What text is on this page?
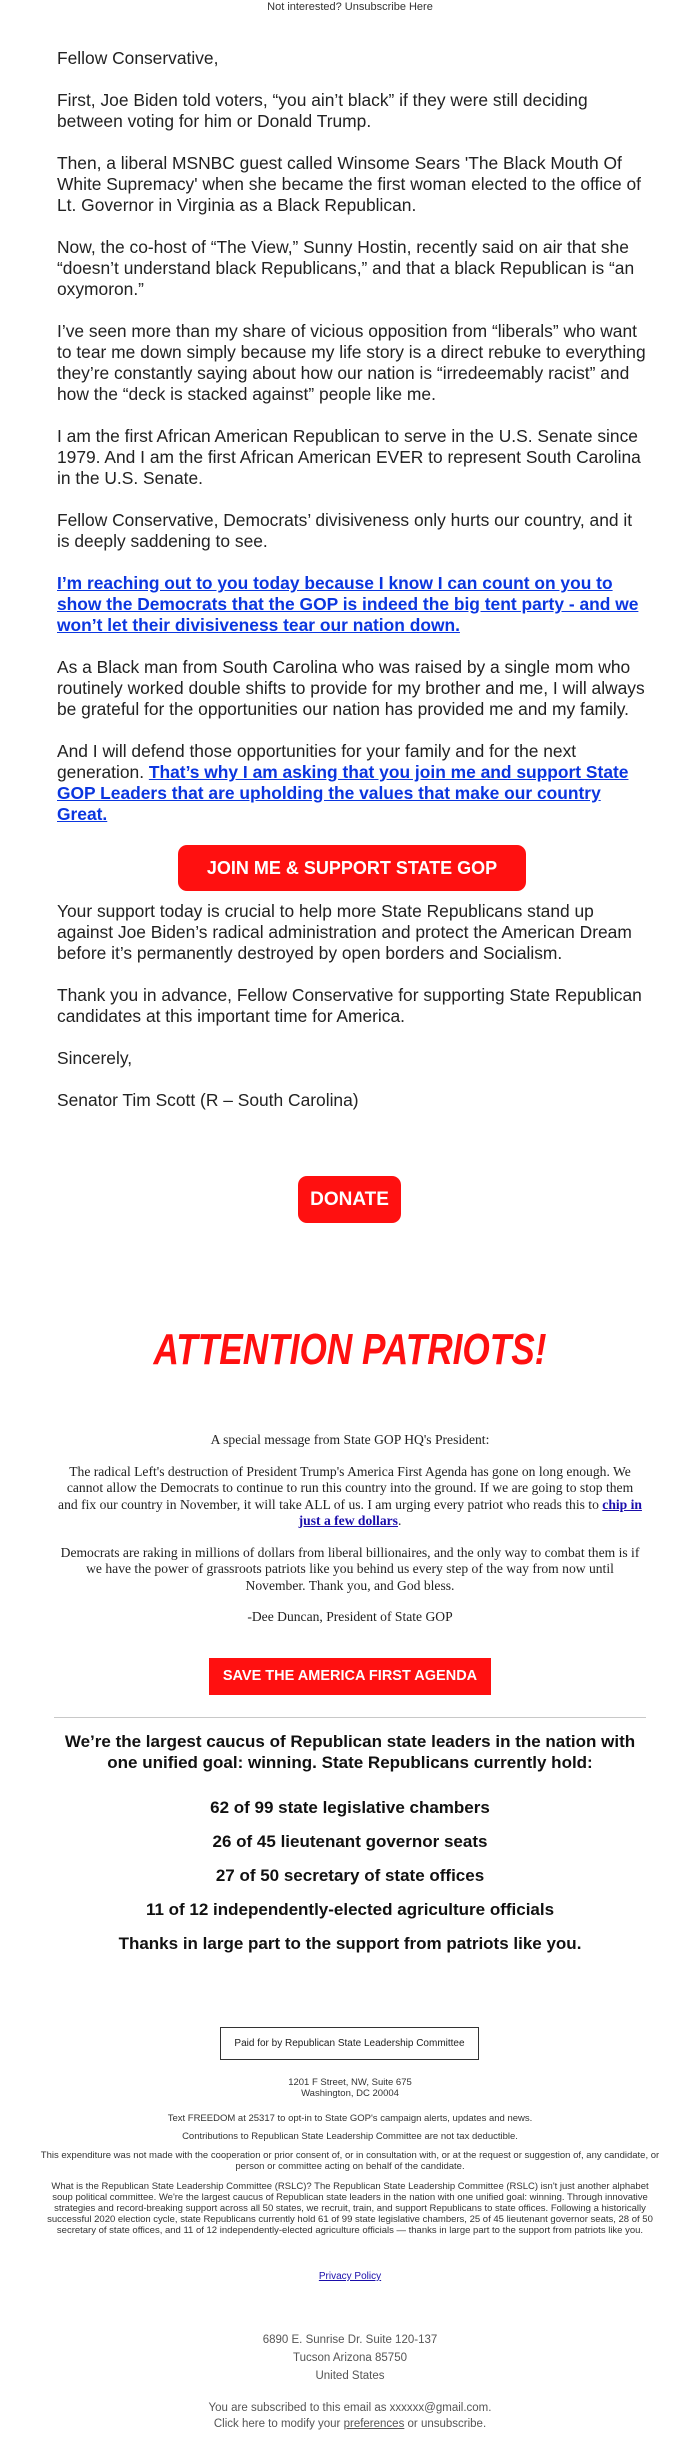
Not interested? Unsubscribe Here

Fellow Conservative,

First, Joe Biden told voters, “you ain’t black” if they were still deciding between voting for him or Donald Trump.

Then, a liberal MSNBC guest called Winsome Sears 'The Black Mouth Of White Supremacy' when she became the first woman elected to the office of Lt. Governor in Virginia as a Black Republican.

Now, the co-host of “The View,” Sunny Hostin, recently said on air that she “doesn’t understand black Republicans,” and that a black Republican is “an oxymoron.”

I’ve seen more than my share of vicious opposition from “liberals” who want to tear me down simply because my life story is a direct rebuke to everything they’re constantly saying about how our nation is “irredeemably racist” and how the “deck is stacked against” people like me.

I am the first African American Republican to serve in the U.S. Senate since 1979. And I am the first African American EVER to represent South Carolina in the U.S. Senate.

Fellow Conservative, Democrats’ divisiveness only hurts our country, and it is deeply saddening to see.

I’m reaching out to you today because I know I can count on you to show the Democrats that the GOP is indeed the big tent party - and we won’t let their divisiveness tear our nation down.

As a Black man from South Carolina who was raised by a single mom who routinely worked double shifts to provide for my brother and me, I will always be grateful for the opportunities our nation has provided me and my family.

And I will defend those opportunities for your family and for the next generation. That’s why I am asking that you join me and support State GOP Leaders that are upholding the values that make our country Great.

JOIN ME & SUPPORT STATE GOP

Your support today is crucial to help more State Republicans stand up against Joe Biden’s radical administration and protect the American Dream before it’s permanently destroyed by open borders and Socialism.

Thank you in advance, Fellow Conservative for supporting State Republican candidates at this important time for America.

Sincerely,

Senator Tim Scott (R – South Carolina)

DONATE
ATTENTION PATRIOTS!

A special message from State GOP HQ's President:

The radical Left's destruction of President Trump's America First Agenda has gone on long enough. We cannot allow the Democrats to continue to run this country into the ground. If we are going to stop them and fix our country in November, it will take ALL of us. I am urging every patriot who reads this to chip in just a few dollars.

Democrats are raking in millions of dollars from liberal billionaires, and the only way to combat them is if we have the power of grassroots patriots like you behind us every step of the way from now until November. Thank you, and God bless.

-Dee Duncan, President of State GOP

SAVE THE AMERICA FIRST AGENDA
We’re the largest caucus of Republican state leaders in the nation with one unified goal: winning. State Republicans currently hold:
62 of 99 state legislative chambers
26 of 45 lieutenant governor seats
27 of 50 secretary of state offices
11 of 12 independently-elected agriculture officials
Thanks in large part to the support from patriots like you.
Paid for by Republican State Leadership Committee

1201 F Street, NW, Suite 675

Washington, DC 20004

Text FREEDOM at 25317 to opt-in to State GOP's campaign alerts, updates and news.
Contributions to Republican State Leadership Committee are not tax deductible.
This expenditure was not made with the cooperation or prior consent of, or in consultation with, or at the request or suggestion of, any candidate, or person or committee acting on behalf of the candidate.
What is the Republican State Leadership Committee (RSLC)? The Republican State Leadership Committee (RSLC) isn't just another alphabet soup political committee. We're the largest caucus of Republican state leaders in the nation with one unified goal: winning. Through innovative strategies and record-breaking support across all 50 states, we recruit, train, and support Republicans to state offices. Following a historically successful 2020 election cycle, state Republicans currently hold 61 of 99 state legislative chambers, 25 of 45 lieutenant governor seats, 28 of 50 secretary of state offices, and 11 of 12 independently-elected agriculture officials — thanks in large part to the support from patriots like you.
Privacy Policy
6890 E. Sunrise Dr. Suite 120-137
Tucson Arizona 85750
United States
You are subscribed to this email as xxxxxx@gmail.com.
Click here to modify your preferences or unsubscribe.
